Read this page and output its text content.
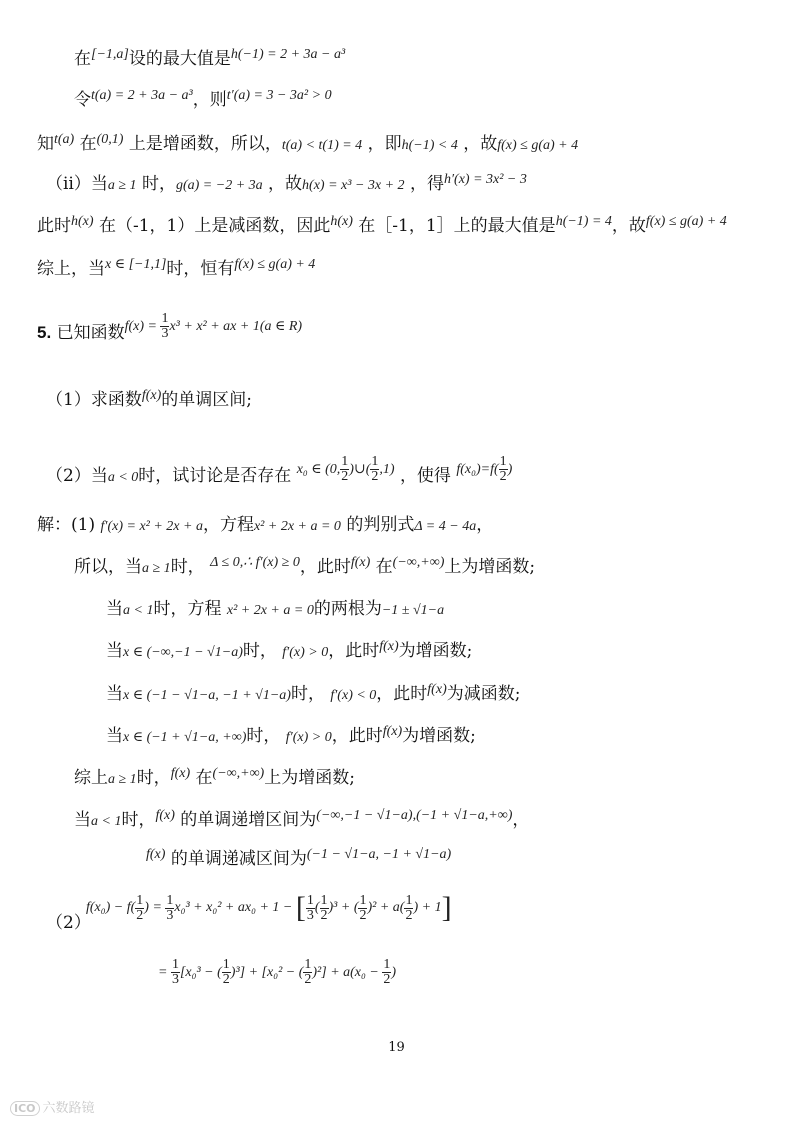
在[−1,a]设的最大值是$^{h(-1) = 2 + 3a - a^3}$
令$^{t(a) = 2 + 3a - a^3}$，则$^{t'(a) = 3 - 3a^2 > 0}$
知$^{t(a)}$ 在$^{(0,1)}$ 上是增函数，所以，t(a) < t(1) = 4 ，即h(−1) < 4 ，故f(x) ≤ g(a) + 4
（ⅱ）当a ≥ 1 时，g(a) = −2 + 3a ，故h(x) = x³ − 3x + 2 ，得$^{h'(x) = 3x^2 - 3}$
此时$^{h(x)}$ 在（-1，1）上是减函数，因此$^{h(x)}$ 在［-1，1］上的最大值是$^{h(-1) = 4}$，故$^{f(x) \le g(a) + 4}$
综上，当$^{x \in [-1,1]}$时，恒有$^{f(x) \le g(a) + 4}$
5. 已知函数$^{f(x) = \frac{1}{3} x^3 + x^2 + ax + 1(a \in R)}$
（1）求函数$^{f(x)}$的单调区间;
（2）当a < 0时，试讨论是否存在 $^{x_0 \in (0, \frac{1}{2} )\cup( \frac{1}{2} ,1)}$ ，使得 $^{f(x_0)=f( \frac{1}{2} )}$
解：(1) f′(x) = x² + 2x + a，方程x² + 2x + a = 0 的判别式Δ = 4 − 4a，
所以，当a ≥ 1时， $^{\Delta \le 0,\therefore f'(x) \ge 0}$，此时$^{f(x)}$ 在(−∞,+∞)上为增函数;
当a < 1时，方程 x² + 2x + a = 0的两根为−1 ± √1−a
当x ∈ (−∞,−1 − √1−a)时， f′(x) > 0，此时$^{f(x)}$为增函数;
当x ∈ (−1 − √1−a, −1 + √1−a)时， f′(x) < 0，此时$^{f(x)}$为减函数;
当x ∈ (−1 + √1−a, +∞)时， f′(x) > 0，此时$^{f(x)}$为增函数;
综上a ≥ 1时，$^{f(x)}$ 在(−∞,+∞)上为增函数;
当a < 1时，$^{f(x)}$ 的单调递增区间为$^{(-\infty,-1 - √1-a),(-1 + √1-a,+\infty)}$，
$^{f(x)}$ 的单调递减区间为$^{(-1 - √1-a, -1 + √1-a)}$
（2）
$f(x_0) - f( \frac{1}{2}$ ) = $\frac{1}{3} x_0^3 + x_0^2 + ax_0 + 1$ − [ $\frac{1}{3}$ ( $\frac{1}{2} )^3$ + ( $\frac{1}{2} )^2 + a( \frac{1}{2}$ ) + 1]
= $\frac{1}{3} [x_0^3$ − ( $\frac{1}{2} )^3] + [x_0^2$ − ( $\frac{1}{2} )^2] + a(x_0 - \frac{1}{2}$ )
19
ICO 六数路镜
